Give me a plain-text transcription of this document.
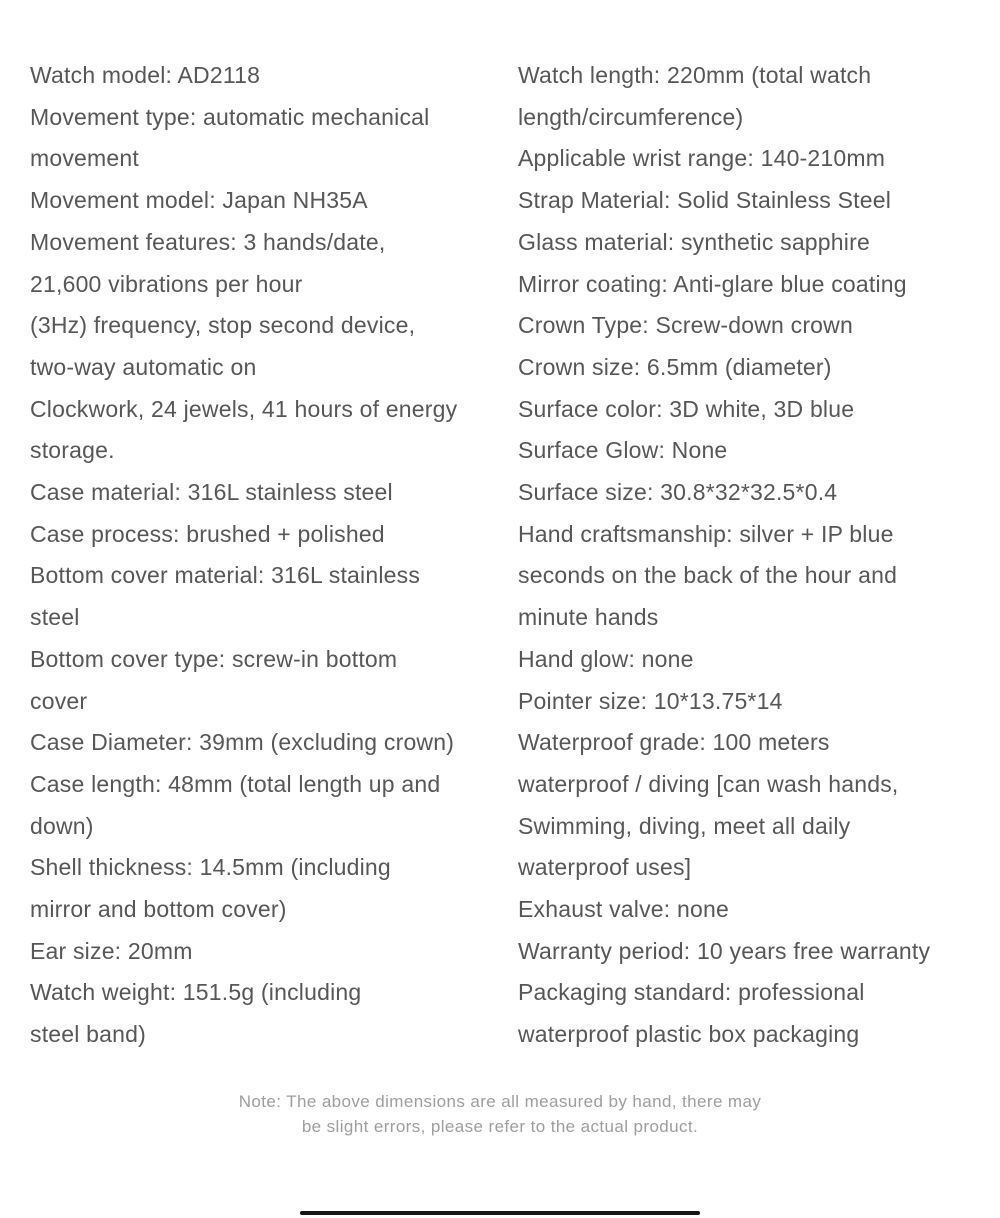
Watch model: AD2118
Movement type: automatic mechanical
movement
Movement model: Japan NH35A
Movement features: 3 hands/date,
21,600 vibrations per hour
(3Hz) frequency, stop second device,
two-way automatic on
Clockwork, 24 jewels, 41 hours of energy
storage.
Case material: 316L stainless steel
Case process: brushed + polished
Bottom cover material: 316L stainless
steel
Bottom cover type: screw-in bottom
cover
Case Diameter: 39mm (excluding crown)
Case length: 48mm (total length up and
down)
Shell thickness: 14.5mm (including
mirror and bottom cover)
Ear size: 20mm
Watch weight: 151.5g (including
steel band)
Watch length: 220mm (total watch
length/circumference)
Applicable wrist range: 140-210mm
Strap Material: Solid Stainless Steel
Glass material: synthetic sapphire
Mirror coating: Anti-glare blue coating
Crown Type: Screw-down crown
Crown size: 6.5mm (diameter)
Surface color: 3D white, 3D blue
Surface Glow: None
Surface size: 30.8*32*32.5*0.4
Hand craftsmanship: silver + IP blue
seconds on the back of the hour and
minute hands
Hand glow: none
Pointer size: 10*13.75*14
Waterproof grade: 100 meters
waterproof / diving [can wash hands,
Swimming, diving, meet all daily
waterproof uses]
Exhaust valve: none
Warranty period: 10 years free warranty
Packaging standard: professional
waterproof plastic box packaging
Note: The above dimensions are all measured by hand, there may
be slight errors, please refer to the actual product.
